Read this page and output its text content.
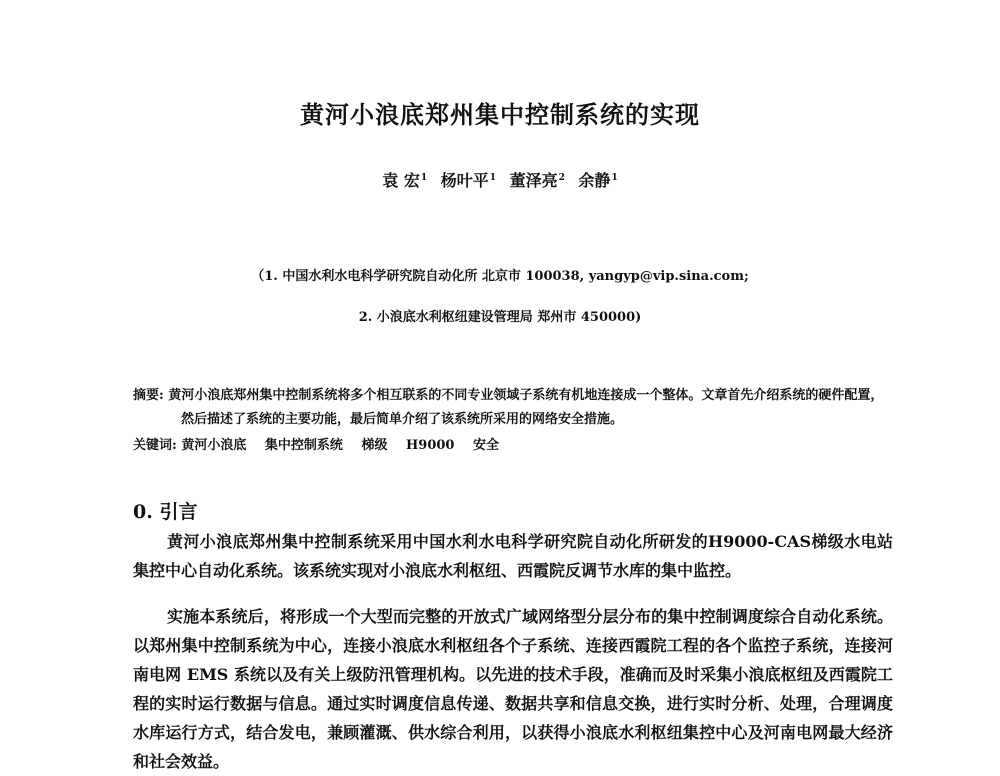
黄河小浪底郑州集中控制系统的实现
袁 宏$^1$ 杨叶平$^1$ 董泽亮$^2$ 余静$^1$
（1. 中国水利水电科学研究院自动化所 北京市 100038, yangyp@vip.sina.com;
2. 小浪底水利枢纽建设管理局 郑州市 450000)
摘要: 黄河小浪底郑州集中控制系统将多个相互联系的不同专业领域子系统有机地连接成一个整体。文章首先介绍系统的硬件配置，然后描述了系统的主要功能，最后简单介绍了该系统所采用的网络安全措施。
关键词: 黄河小浪底 集中控制系统 梯级 H9000 安全
0. 引言

黄河小浪底郑州集中控制系统采用中国水利水电科学研究院自动化所研发的H9000-CAS梯级水电站集控中心自动化系统。该系统实现对小浪底水利枢纽、西霞院反调节水库的集中监控。

实施本系统后，将形成一个大型而完整的开放式广域网络型分层分布的集中控制调度综合自动化系统。以郑州集中控制系统为中心，连接小浪底水利枢纽各个子系统、连接西霞院工程的各个监控子系统，连接河南电网 EMS 系统以及有关上级防汛管理机构。以先进的技术手段，准确而及时采集小浪底枢纽及西霞院工程的实时运行数据与信息。通过实时调度信息传递、数据共享和信息交换，进行实时分析、处理，合理调度水库运行方式，结合发电，兼顾灌溉、供水综合利用，以获得小浪底水利枢纽集控中心及河南电网最大经济和社会效益。
